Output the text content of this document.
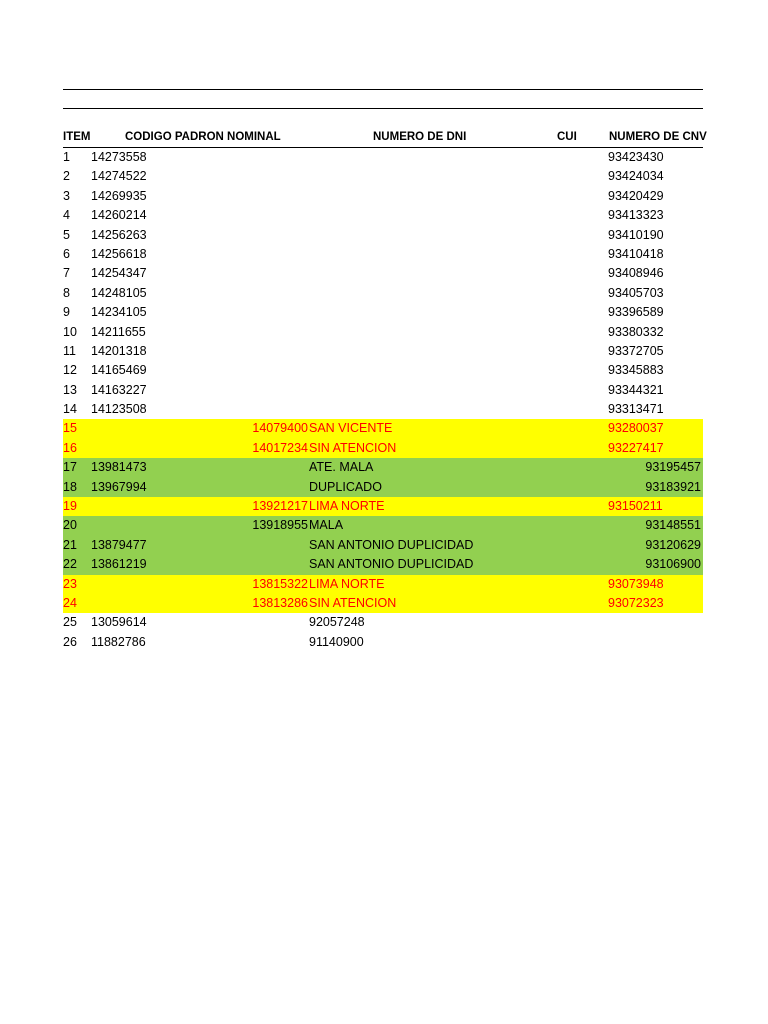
ITEM	CODIGO PADRON NOMINAL	NUMERO DE DNI	CUI	NUMERO DE CNV
1 14273558	93423430
2 14274522	93424034
3 14269935	93420429
4 14260214	93413323
5 14256263	93410190
6 14256618	93410418
7 14254347	93408946
8 14248105	93405703
9 14234105	93396589
10 14211655	93380332
11 14201318	93372705
12 14165469	93345883
13 14163227	93344321
14 14123508	93313471
15	14079400 SAN VICENTE	93280037
16	14017234 SIN ATENCION	93227417
17 13981473	ATE. MALA	93195457
18 13967994	DUPLICADO	93183921
19	13921217 LIMA NORTE	93150211
20	13918955 MALA	93148551
21 13879477	SAN ANTONIO DUPLICIDAD	93120629
22 13861219	SAN ANTONIO DUPLICIDAD	93106900
23	13815322 LIMA NORTE	93073948
24	13813286 SIN ATENCION	93072323
25 13059614	92057248
26 11882786	91140900
